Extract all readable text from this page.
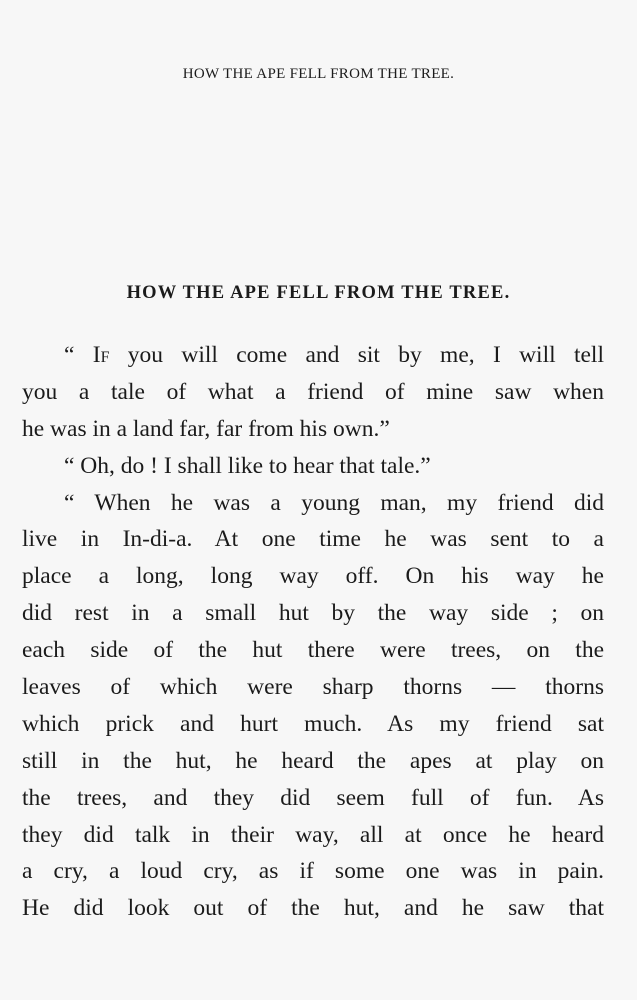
HOW THE APE FELL FROM THE TREE.
HOW THE APE FELL FROM THE TREE.
“ If you will come and sit by me, I will tell
you a tale of what a friend of mine saw when
he was in a land far, far from his own.”
“ Oh, do ! I shall like to hear that tale.”
“ When he was a young man, my friend did
live in In-di-a. At one time he was sent to a
place a long, long way off. On his way he
did rest in a small hut by the way side ; on
each side of the hut there were trees, on the
leaves of which were sharp thorns — thorns
which prick and hurt much. As my friend sat
still in the hut, he heard the apes at play on
the trees, and they did seem full of fun. As
they did talk in their way, all at once he heard
a cry, a loud cry, as if some one was in pain.
He did look out of the hut, and he saw that
